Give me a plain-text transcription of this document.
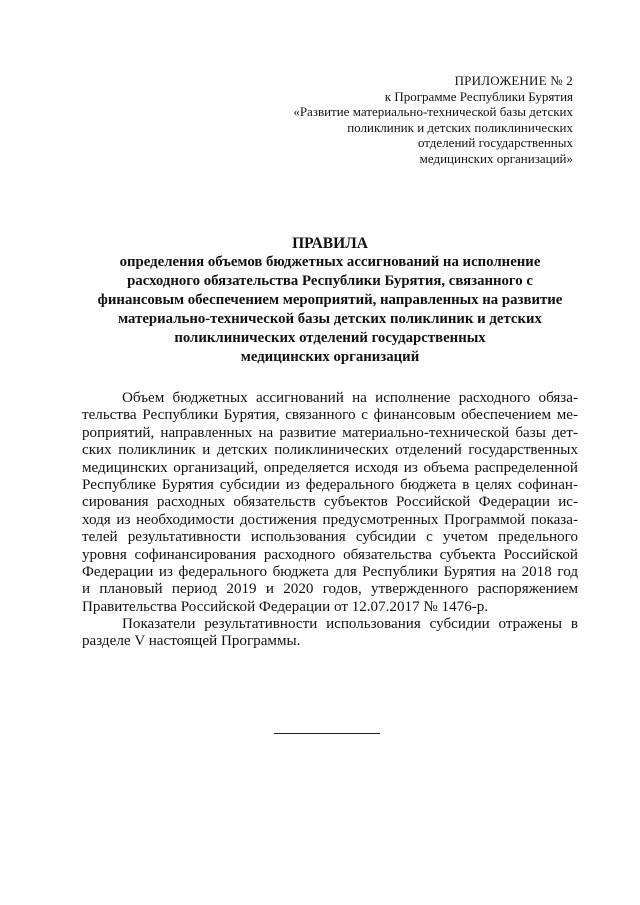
ПРИЛОЖЕНИЕ № 2
к Программе Республики Бурятия
«Развитие материально-технической базы детских
поликлиник и детских поликлинических
отделений государственных
медицинских организаций»
ПРАВИЛА
определения объемов бюджетных ассигнований на исполнение
расходного обязательства Республики Бурятия, связанного с
финансовым обеспечением мероприятий, направленных на развитие
материально-технической базы детских поликлиник и детских
поликлинических отделений государственных
медицинских организаций
Объем бюджетных ассигнований на исполнение расходного обяза-
тельства Республики Бурятия, связанного с финансовым обеспечением ме-
роприятий, направленных на развитие материально-технической базы дет-
ских поликлиник и детских поликлинических отделений государственных
медицинских организаций, определяется исходя из объема распределенной
Республике Бурятия субсидии из федерального бюджета в целях софинан-
сирования расходных обязательств субъектов Российской Федерации ис-
ходя из необходимости достижения предусмотренных Программой показа-
телей результативности использования субсидии с учетом предельного
уровня софинансирования расходного обязательства субъекта Российской
Федерации из федерального бюджета для Республики Бурятия на 2018 год
и плановый период 2019 и 2020 годов, утвержденного распоряжением
Правительства Российской Федерации от 12.07.2017 № 1476-р.
Показатели результативности использования субсидии отражены в
разделе V настоящей Программы.
